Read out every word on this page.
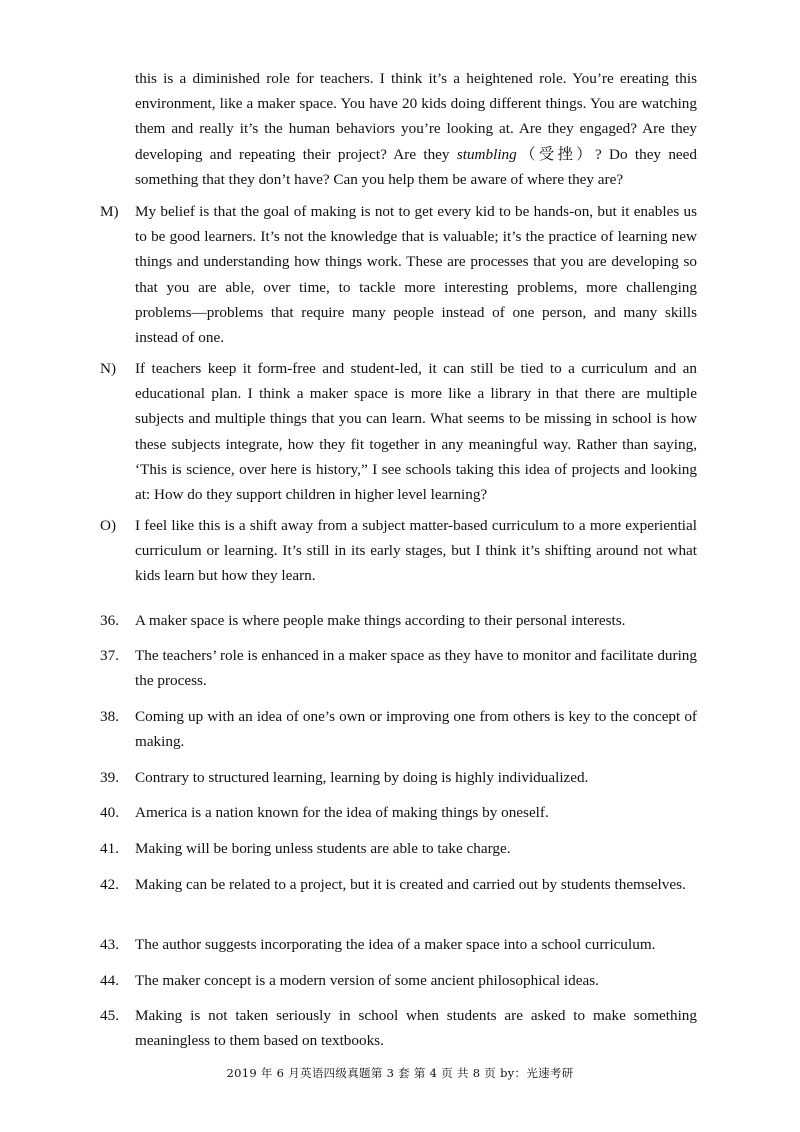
this is a diminished role for teachers. I think it’s a heightened role. You’re ereating this environment, like a maker space. You have 20 kids doing different things. You are watching them and really it’s the human behaviors you’re looking at. Are they engaged? Are they developing and repeating their project? Are they stumbling（受挫）? Do they need something that they don’t have? Can you help them be aware of where they are?
M)	My belief is that the goal of making is not to get every kid to be hands-on, but it enables us to be good learners. It’s not the knowledge that is valuable; it’s the practice of learning new things and understanding how things work. These are processes that you are developing so that you are able, over time, to tackle more interesting problems, more challenging problems—problems that require many people instead of one person, and many skills instead of one.
N)	If teachers keep it form-free and student-led, it can still be tied to a curriculum and an educational plan. I think a maker space is more like a library in that there are multiple subjects and multiple things that you can learn. What seems to be missing in school is how these subjects integrate, how they fit together in any meaningful way. Rather than saying, ‘This is science, over here is history,” I see schools taking this idea of projects and looking at: How do they support children in higher level learning?
O)	I feel like this is a shift away from a subject matter-based curriculum to a more experiential curriculum or learning. It’s still in its early stages, but I think it’s shifting around not what kids learn but how they learn.
36.	A maker space is where people make things according to their personal interests.
37.	The teachers’ role is enhanced in a maker space as they have to monitor and facilitate during the process.
38.	Coming up with an idea of one’s own or improving one from others is key to the concept of making.
39.	Contrary to structured learning, learning by doing is highly individualized.
40.	America is a nation known for the idea of making things by oneself.
41.	Making will be boring unless students are able to take charge.
42.	Making can be related to a project, but it is created and carried out by students themselves.
43.	The author suggests incorporating the idea of a maker space into a school curriculum.
44.	The maker concept is a modern version of some ancient philosophical ideas.
45.	Making is not taken seriously in school when students are asked to make something meaningless to them based on textbooks.
2019 年 6 月英语四级真题第 3 套 第 4 页 共 8 页 by：光速考研
